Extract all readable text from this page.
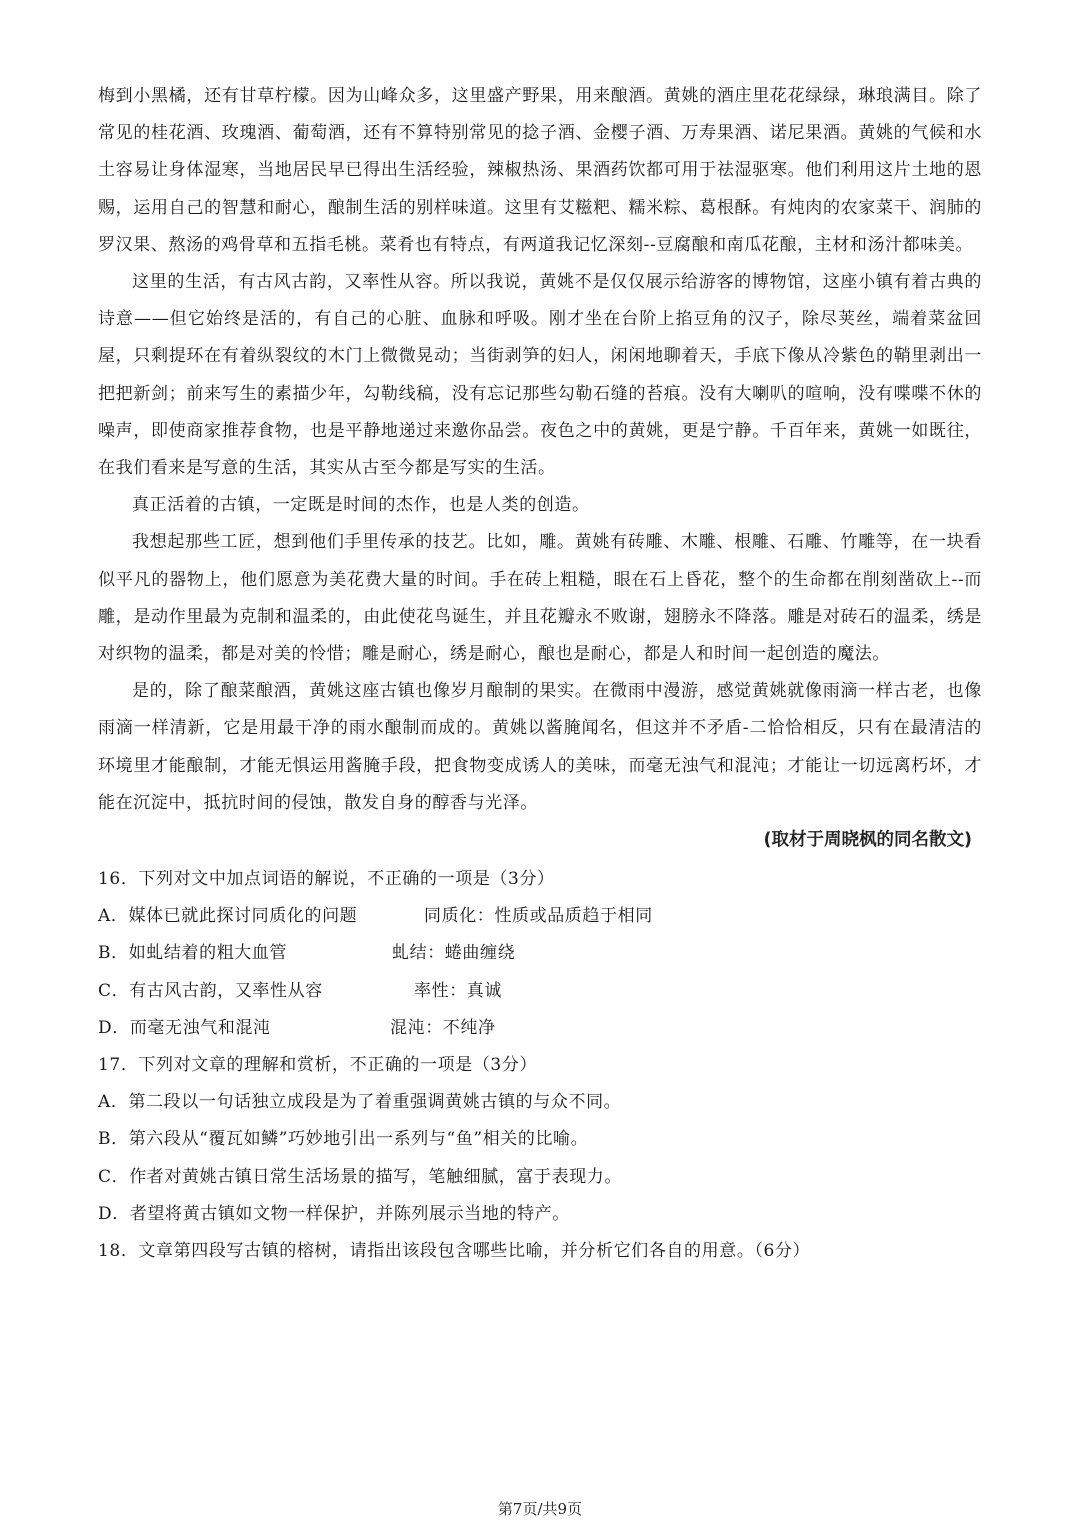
梅到小黑橘，还有甘草柠檬。因为山峰众多，这里盛产野果，用来酿酒。黄姚的酒庄里花花绿绿，琳琅满目。除了常见的桂花酒、玫瑰酒、葡萄酒，还有不算特别常见的捻子酒、金樱子酒、万寿果酒、诺尼果酒。黄姚的气候和水土容易让身体湿寒，当地居民早已得出生活经验，辣椒热汤、果酒药饮都可用于祛湿驱寒。他们利用这片土地的恩赐，运用自己的智慧和耐心，酿制生活的别样味道。这里有艾糍粑、糯米粽、葛根酥。有炖肉的农家菜干、润肺的罗汉果、熬汤的鸡骨草和五指毛桃。菜肴也有特点，有两道我记忆深刻--豆腐酿和南瓜花酿，主材和汤汁都味美。

这里的生活，有古风古韵，又率性从容。所以我说，黄姚不是仅仅展示给游客的博物馆，这座小镇有着古典的诗意——但它始终是活的，有自己的心脏、血脉和呼吸。刚才坐在台阶上掐豆角的汉子，除尽荚丝，端着菜盆回屋，只剩提环在有着纵裂纹的木门上微微晃动；当街剥笋的妇人，闲闲地聊着天，手底下像从冷紫色的鞘里剥出一把把新剑；前来写生的素描少年，勾勒线稿，没有忘记那些勾勒石缝的苔痕。没有大喇叭的喧响，没有喋喋不休的噪声，即使商家推荐食物，也是平静地递过来邀你品尝。夜色之中的黄姚，更是宁静。千百年来，黄姚一如既往，在我们看来是写意的生活，其实从古至今都是写实的生活。

真正活着的古镇，一定既是时间的杰作，也是人类的创造。

我想起那些工匠，想到他们手里传承的技艺。比如，雕。黄姚有砖雕、木雕、根雕、石雕、竹雕等，在一块看似平凡的器物上，他们愿意为美花费大量的时间。手在砖上粗糙，眼在石上昏花，整个的生命都在削刻凿砍上--而雕，是动作里最为克制和温柔的，由此使花鸟诞生，并且花瓣永不败谢，翅膀永不降落。雕是对砖石的温柔，绣是对织物的温柔，都是对美的怜惜；雕是耐心，绣是耐心，酿也是耐心，都是人和时间一起创造的魔法。

是的，除了酿菜酿酒，黄姚这座古镇也像岁月酿制的果实。在微雨中漫游，感觉黄姚就像雨滴一样古老，也像雨滴一样清新，它是用最干净的雨水酿制而成的。黄姚以酱腌闻名，但这并不矛盾-二恰恰相反，只有在最清洁的环境里才能酿制，才能无惧运用酱腌手段，把食物变成诱人的美味，而毫无浊气和混沌；才能让一切远离朽坏，才能在沉淀中，抵抗时间的侵蚀，散发自身的醇香与光泽。

(取材于周晓枫的同名散文)
16．下列对文中加点词语的解说，不正确的一项是（3分）
A．媒体已就此探讨同质化的问题	同质化：性质或品质趋于相同
B．如虬结着的粗大血管	虬结：蜷曲缠绕
C．有古风古韵，又率性从容	率性：真诚
D．而毫无浊气和混沌	混沌：不纯净
17．下列对文章的理解和赏析，不正确的一项是（3分）
A．第二段以一句话独立成段是为了着重强调黄姚古镇的与众不同。
B．第六段从“覆瓦如鳞”巧妙地引出一系列与“鱼”相关的比喻。
C．作者对黄姚古镇日常生活场景的描写，笔触细腻，富于表现力。
D．者望将黄古镇如文物一样保护，并陈列展示当地的特产。
18．文章第四段写古镇的榕树，请指出该段包含哪些比喻，并分析它们各自的用意。（6分）
第7页/共9页
